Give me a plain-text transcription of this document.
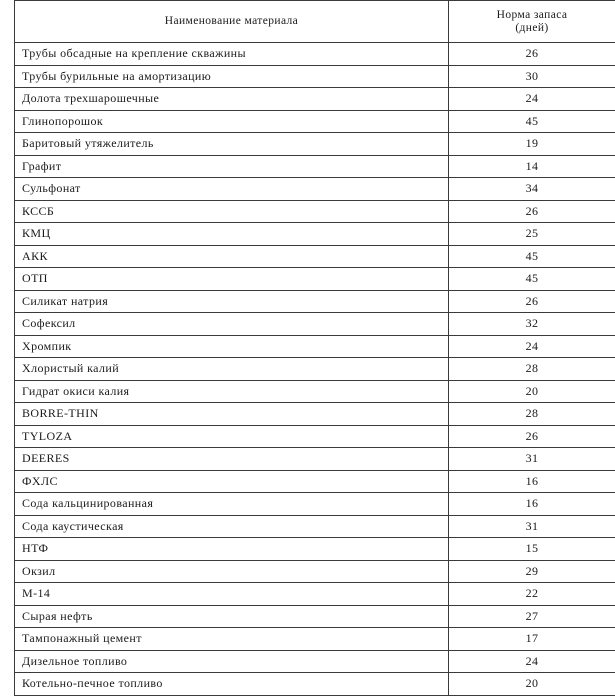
Наименование материала	Норма запаса
(дней)

Трубы обсадные на крепление скважины	26
Трубы бурильные на амортизацию	30
Долота трехшарошечные	24
Глинопорошок	45
Баритовый утяжелитель	19
Графит	14
Сульфонат	34
КССБ	26
КМЦ	25
АКК	45
ОТП	45
Силикат натрия	26
Софексил	32
Хромпик	24
Хлористый калий	28
Гидрат окиси калия	20
BORRE-THIN	28
TYLOZA	26
DEERES	31
ФХЛС	16
Сода кальцинированная	16
Сода каустическая	31
НТФ	15
Окзил	29
М-14	22
Сырая нефть	27
Тампонажный цемент	17
Дизельное топливо	24
Котельно-печное топливо	20
